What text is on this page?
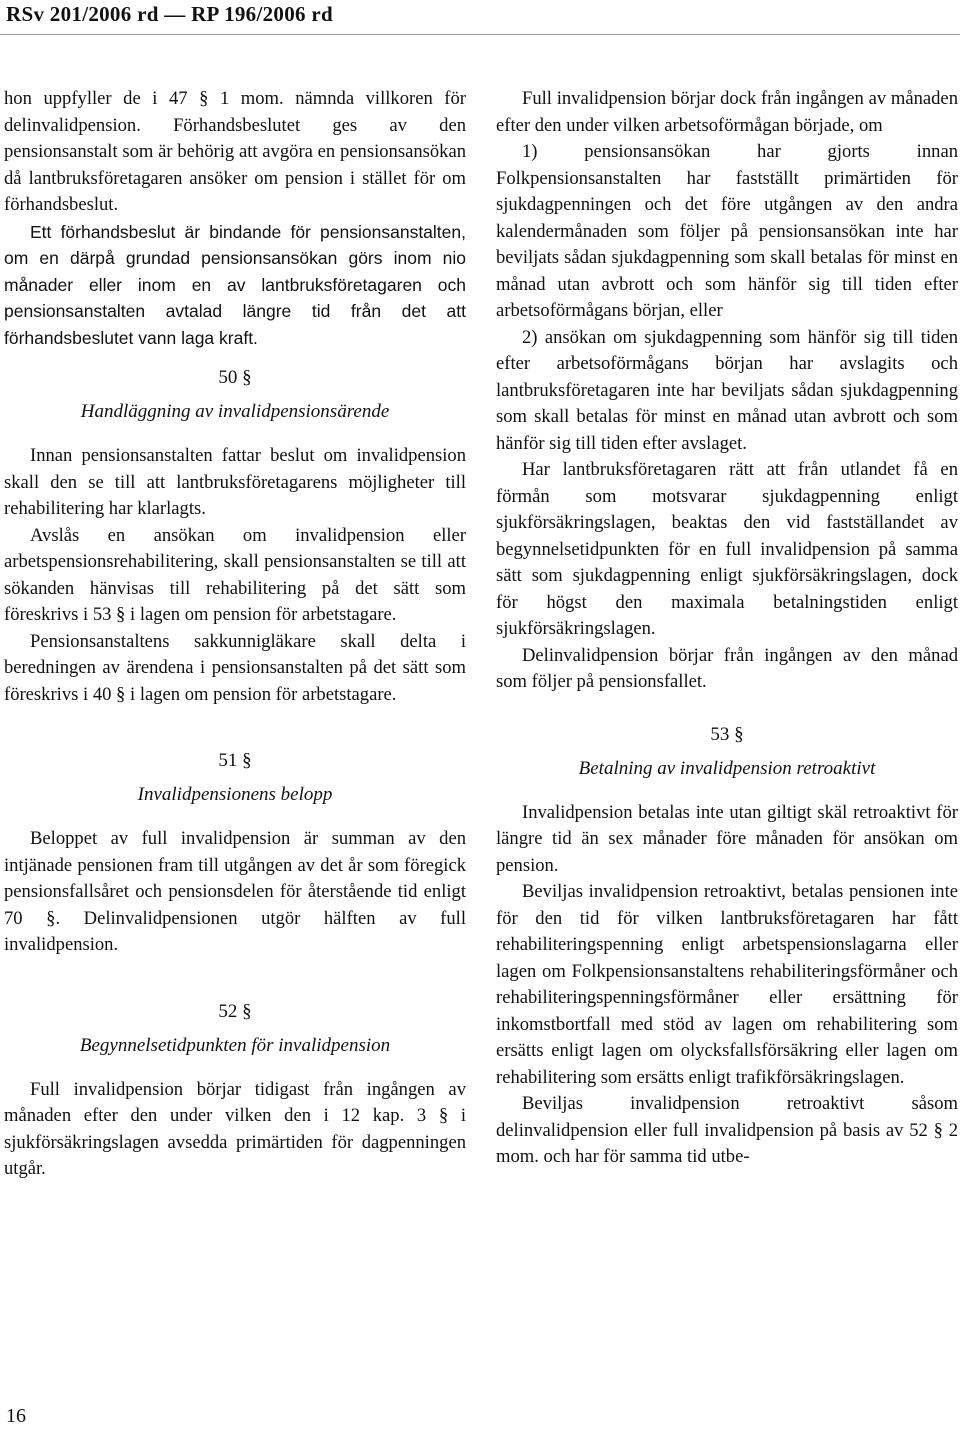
RSv 201/2006 rd — RP 196/2006 rd

hon uppfyller de i 47 § 1 mom. nämnda villkoren för delinvalidpension. Förhandsbeslutet ges av den pensionsanstalt som är behörig att avgöra en pensionsansökan då lantbruksföretagaren ansöker om pension i stället för om förhandsbeslut.

Ett förhandsbeslut är bindande för pensionsanstalten, om en därpå grundad pensionsansökan görs inom nio månader eller inom en av lantbruksföretagaren och pensionsanstalten avtalad längre tid från det att förhandsbeslutet vann laga kraft.

50 §
Handläggning av invalidpensionsärende

Innan pensionsanstalten fattar beslut om invalidpension skall den se till att lantbruksföretagarens möjligheter till rehabilitering har klarlagts.

Avslås en ansökan om invalidpension eller arbetspensionsrehabilitering, skall pensionsanstalten se till att sökanden hänvisas till rehabilitering på det sätt som föreskrivs i 53 § i lagen om pension för arbetstagare.

Pensionsanstaltens sakkunnigläkare skall delta i beredningen av ärendena i pensionsanstalten på det sätt som föreskrivs i 40 § i lagen om pension för arbetstagare.

51 §
Invalidpensionens belopp

Beloppet av full invalidpension är summan av den intjänade pensionen fram till utgången av det år som föregick pensionsfallsåret och pensionsdelen för återstående tid enligt 70 §. Delinvalidpensionen utgör hälften av full invalidpension.

52 §
Begynnelsetidpunkten för invalidpension

Full invalidpension börjar tidigast från ingången av månaden efter den under vilken den i 12 kap. 3 § i sjukförsäkringslagen avsedda primärtiden för dagpenningen utgår.

Full invalidpension börjar dock från ingången av månaden efter den under vilken arbetsoförmågan började, om

1) pensionsansökan har gjorts innan Folkpensionsanstalten har fastställt primärtiden för sjukdagpenningen och det före utgången av den andra kalendermånaden som följer på pensionsansökan inte har beviljats sådan sjukdagpenning som skall betalas för minst en månad utan avbrott och som hänför sig till tiden efter arbetsoförmågans början, eller

2) ansökan om sjukdagpenning som hänför sig till tiden efter arbetsoförmågans början har avslagits och lantbruksföretagaren inte har beviljats sådan sjukdagpenning som skall betalas för minst en månad utan avbrott och som hänför sig till tiden efter avslaget.

Har lantbruksföretagaren rätt att från utlandet få en förmån som motsvarar sjukdagpenning enligt sjukförsäkringslagen, beaktas den vid fastställandet av begynnelsetidpunkten för en full invalidpension på samma sätt som sjukdagpenning enligt sjukförsäkringslagen, dock för högst den maximala betalningstiden enligt sjukförsäkringslagen.

Delinvalidpension börjar från ingången av den månad som följer på pensionsfallet.

53 §
Betalning av invalidpension retroaktivt

Invalidpension betalas inte utan giltigt skäl retroaktivt för längre tid än sex månader före månaden för ansökan om pension.

Beviljas invalidpension retroaktivt, betalas pensionen inte för den tid för vilken lantbruksföretagaren har fått rehabiliteringspenning enligt arbetspensionslagarna eller lagen om Folkpensionsanstaltens rehabiliteringsförmåner och rehabiliteringspenningsförmåner eller ersättning för inkomstbortfall med stöd av lagen om rehabilitering som ersätts enligt lagen om olycksfallsförsäkring eller lagen om rehabilitering som ersätts enligt trafikförsäkringslagen.

Beviljas invalidpension retroaktivt såsom delinvalidpension eller full invalidpension på basis av 52 § 2 mom. och har för samma tid utbe-

16
